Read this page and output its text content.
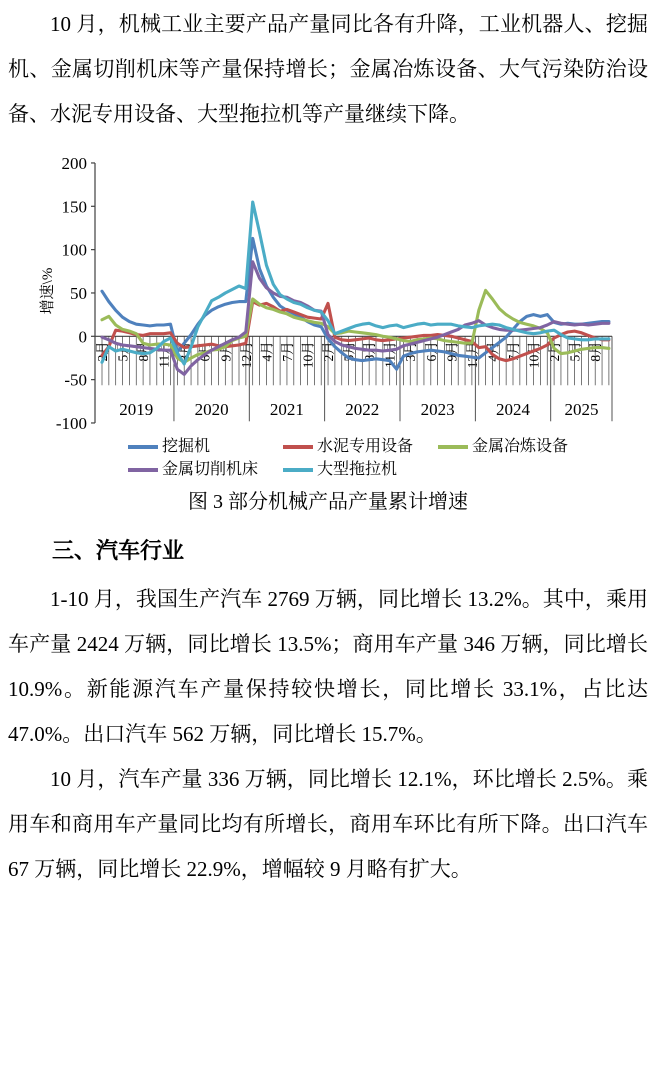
10 月，机械工业主要产品产量同比各有升降，工业机器人、挖掘机、金属切削机床等产量保持增长；金属冶炼设备、大气污染防治设备、水泥专用设备、大型拖拉机等产量继续下降。

200
150
100
50
0
-50
-100
增速\%
2月 5月 8月 11月 3月 6月 9月 12月 4月 7月 10月 2月 5月 8月 11月 3月 6月 9月 12月 4月 7月 10月 2月 5月 8月
2019 2020 2021 2022 2023 2024 2025
挖掘机	水泥专用设备	金属冶炼设备
金属切削机床	大型拖拉机
图 3 部分机械产品产量累计增速
三、汽车行业

1-10 月，我国生产汽车 2769 万辆，同比增长 13.2%。其中，乘用车产量 2424 万辆，同比增长 13.5%；商用车产量 346 万辆，同比增长 10.9%。新能源汽车产量保持较快增长，同比增长 33.1%，占比达 47.0%。出口汽车 562 万辆，同比增长 15.7%。

10 月，汽车产量 336 万辆，同比增长 12.1%，环比增长 2.5%。乘用车和商用车产量同比均有所增长，商用车环比有所下降。出口汽车 67 万辆，同比增长 22.9%，增幅较 9 月略有扩大。
